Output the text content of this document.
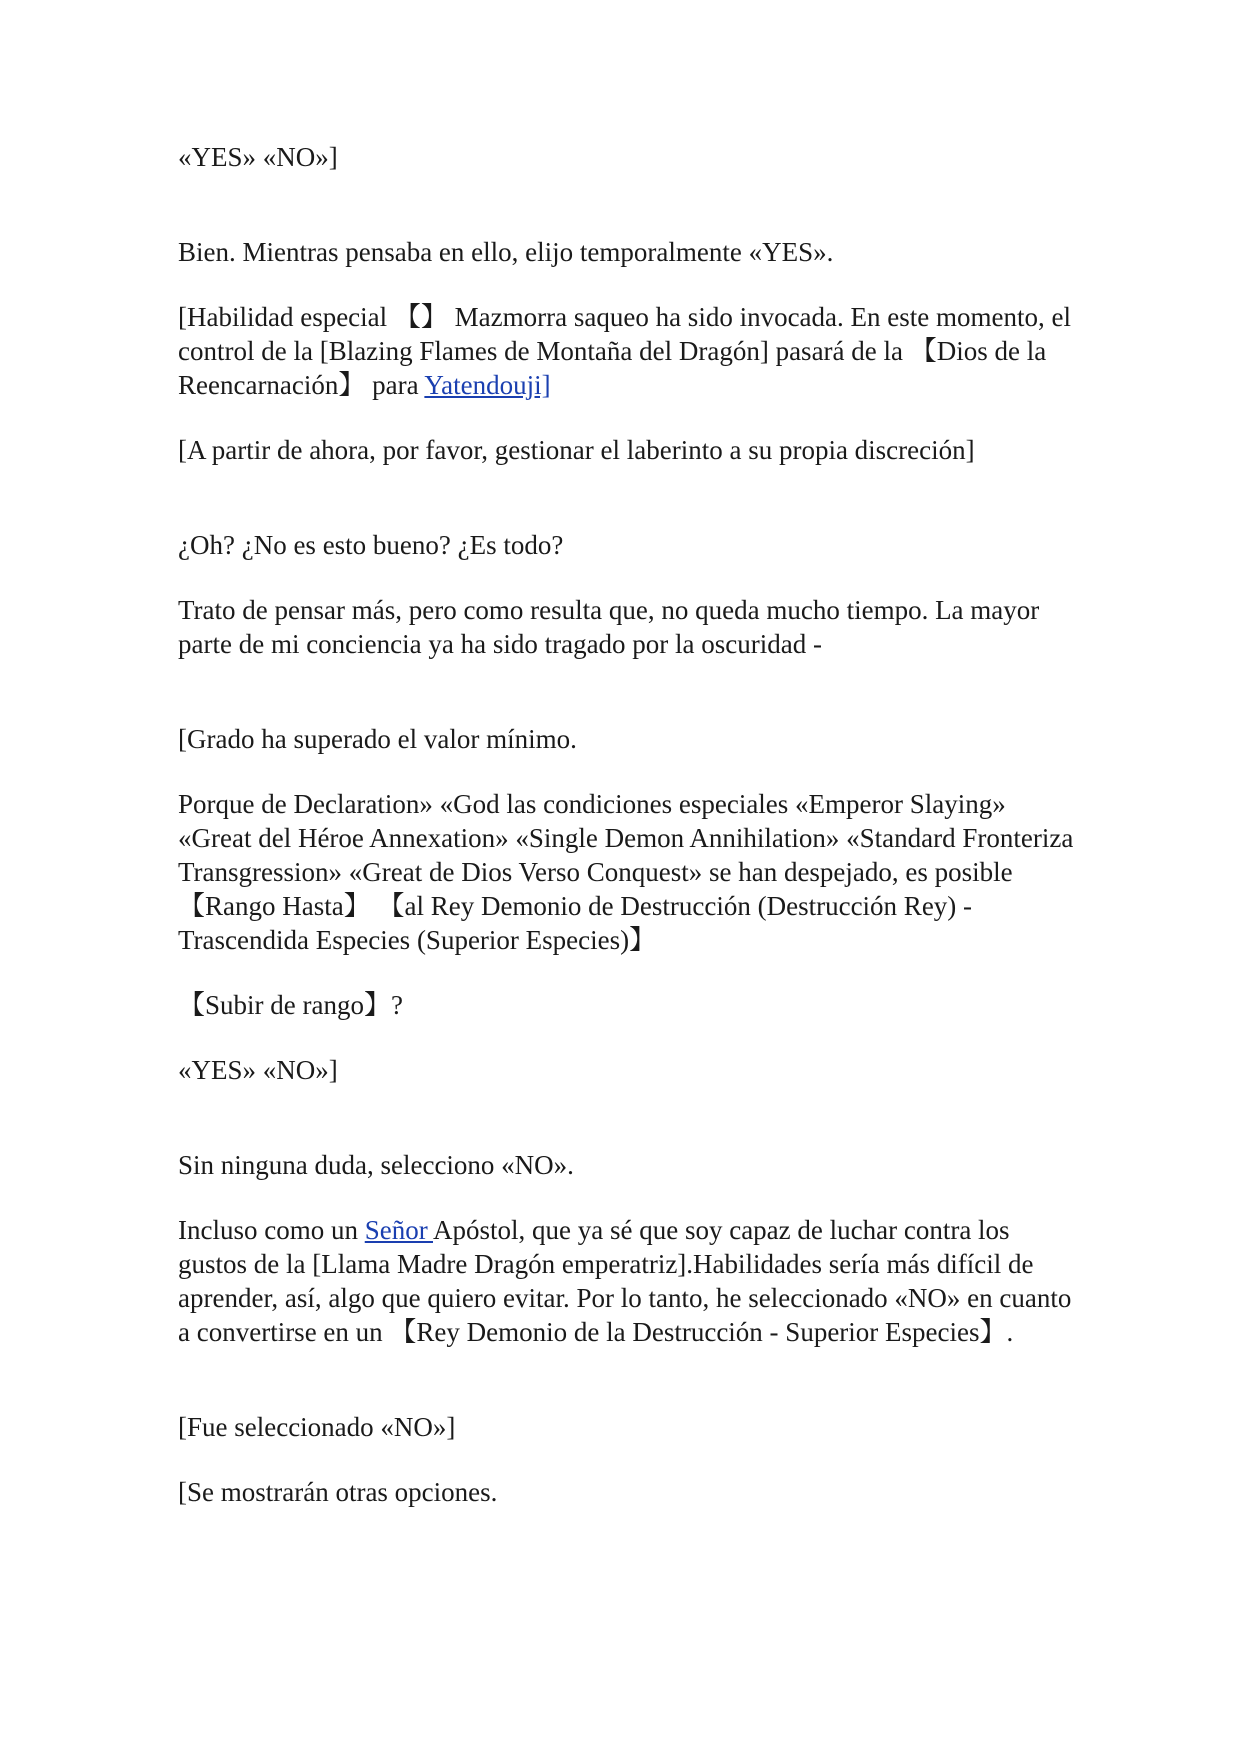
«YES» «NO»]

Bien. Mientras pensaba en ello, elijo temporalmente «YES».

[Habilidad especial 【】 Mazmorra saqueo ha sido invocada. En este momento, el control de la [Blazing Flames de Montaña del Dragón] pasará de la 【Dios de la Reencarnación】 para Yatendouji]

[A partir de ahora, por favor, gestionar el laberinto a su propia discreción]

¿Oh? ¿No es esto bueno? ¿Es todo?

Trato de pensar más, pero como resulta que, no queda mucho tiempo. La mayor parte de mi conciencia ya ha sido tragado por la oscuridad -

[Grado ha superado el valor mínimo.

Porque de Declaration» «God las condiciones especiales «Emperor Slaying» «Great del Héroe Annexation» «Single Demon Annihilation» «Standard Fronteriza Transgression» «Great de Dios Verso Conquest» se han despejado, es posible 【Rango Hasta】 【al Rey Demonio de Destrucción (Destrucción Rey) - Trascendida Especies (Superior Especies)】

【Subir de rango】?

«YES» «NO»]

Sin ninguna duda, selecciono «NO».

Incluso como un Señor Apóstol, que ya sé que soy capaz de luchar contra los gustos de la [Llama Madre Dragón emperatriz].Habilidades sería más difícil de aprender, así, algo que quiero evitar. Por lo tanto, he seleccionado «NO» en cuanto a convertirse en un 【Rey Demonio de la Destrucción - Superior Especies】.

[Fue seleccionado «NO»]

[Se mostrarán otras opciones.
